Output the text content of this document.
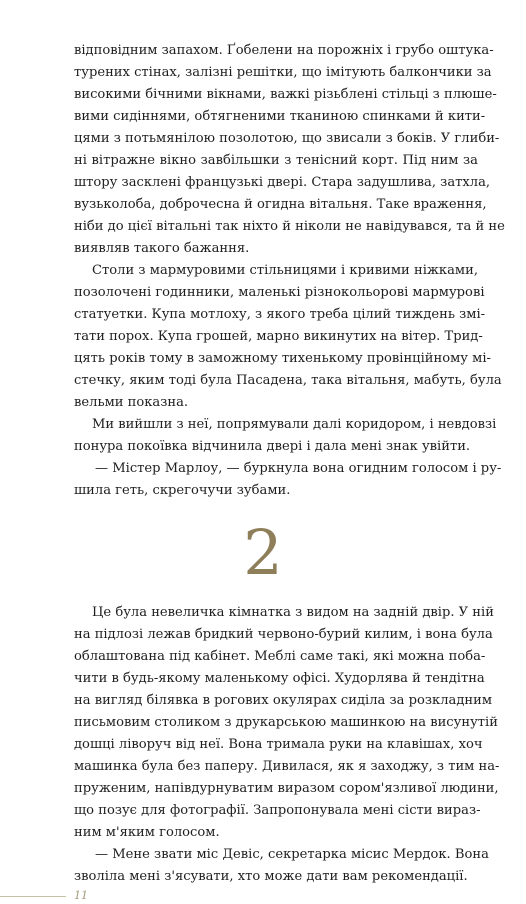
відповідним запахом. Ґобелени на порожніх і грубо оштука-
турених стінах, залізні решітки, що імітують балкончики за
високими бічними вікнами, важкі різьблені стільці з плюше-
вими сидіннями, обтягненими тканиною спинками й кити-
цями з потьмянілою позолотою, що звисали з боків. У глиби-
ні вітражне вікно завбільшки з тенісний корт. Під ним за
штору засклені французькі двері. Стара задушлива, затхла,
вузьколоба, доброчесна й огидна вітальня. Таке враження,
ніби до цієї вітальні так ніхто й ніколи не навідувався, та й не
виявляв такого бажання.
Столи з мармуровими стільницями і кривими ніжками,
позолочені годинники, маленькі різнокольорові мармурові
статуетки. Купа мотлоху, з якого треба цілий тиждень змі-
тати порох. Купа грошей, марно викинутих на вітер. Трид-
цять років тому в заможному тихенькому провінційному мі-
стечку, яким тоді була Пасадена, така вітальня, мабуть, була
вельми показна.
Ми вийшли з неї, попрямували далі коридором, і невдовзі
понура покоївка відчинила двері і дала мені знак увійти.
— Містер Марлоу, — буркнула вона огидним голосом і ру-
шила геть, скрегочучи зубами.
2
Це була невеличка кімнатка з видом на задній двір. У ній
на підлозі лежав бридкий червоно-бурий килим, і вона була
облаштована під кабінет. Меблі саме такі, які можна поба-
чити в будь-якому маленькому офісі. Худорлява й тендітна
на вигляд білявка в рогових окулярах сиділа за розкладним
письмовим столиком з друкарською машинкою на висунутій
дошці ліворуч від неї. Вона тримала руки на клавішах, хоч
машинка була без паперу. Дивилася, як я заходжу, з тим на-
пруженим, напівдурнуватим виразом сором'язливої людини,
що позує для фотографії. Запропонувала мені сісти вираз-
ним м'яким голосом.
— Мене звати міс Девіс, секретарка місис Мердок. Вона
зволіла мені з'ясувати, хто може дати вам рекомендації.
11
